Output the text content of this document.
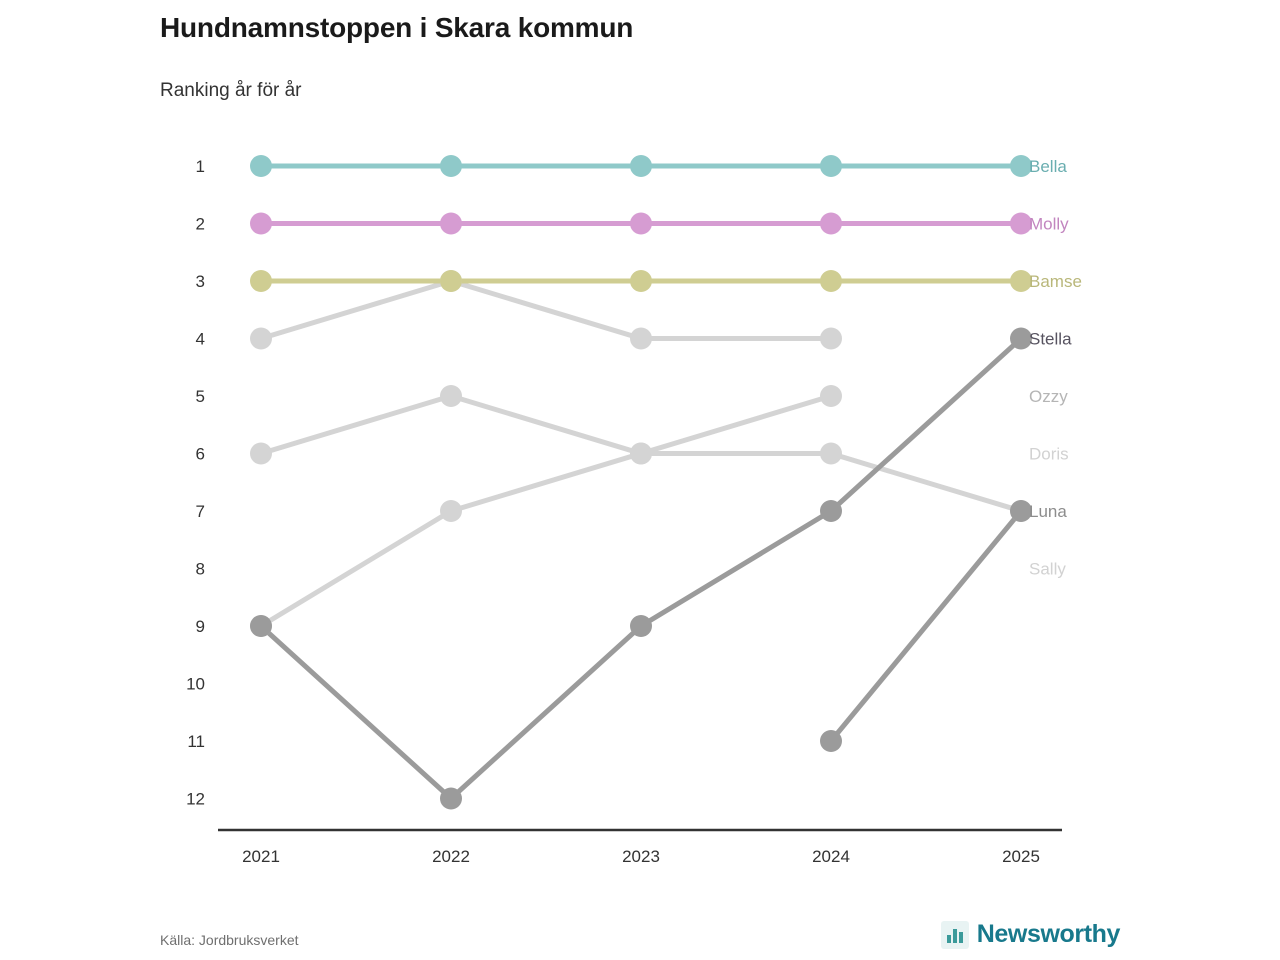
Hundnamnstoppen i Skara kommun
Ranking år för år
Bella
Molly
Bamse
Stella
Ozzy
Doris
Luna
Sally
1
2
3
4
5
6
7
8
9
10
11
12
2021	2022	2023	2024	2025
Källa: Jordbruksverket	Newsworthy
